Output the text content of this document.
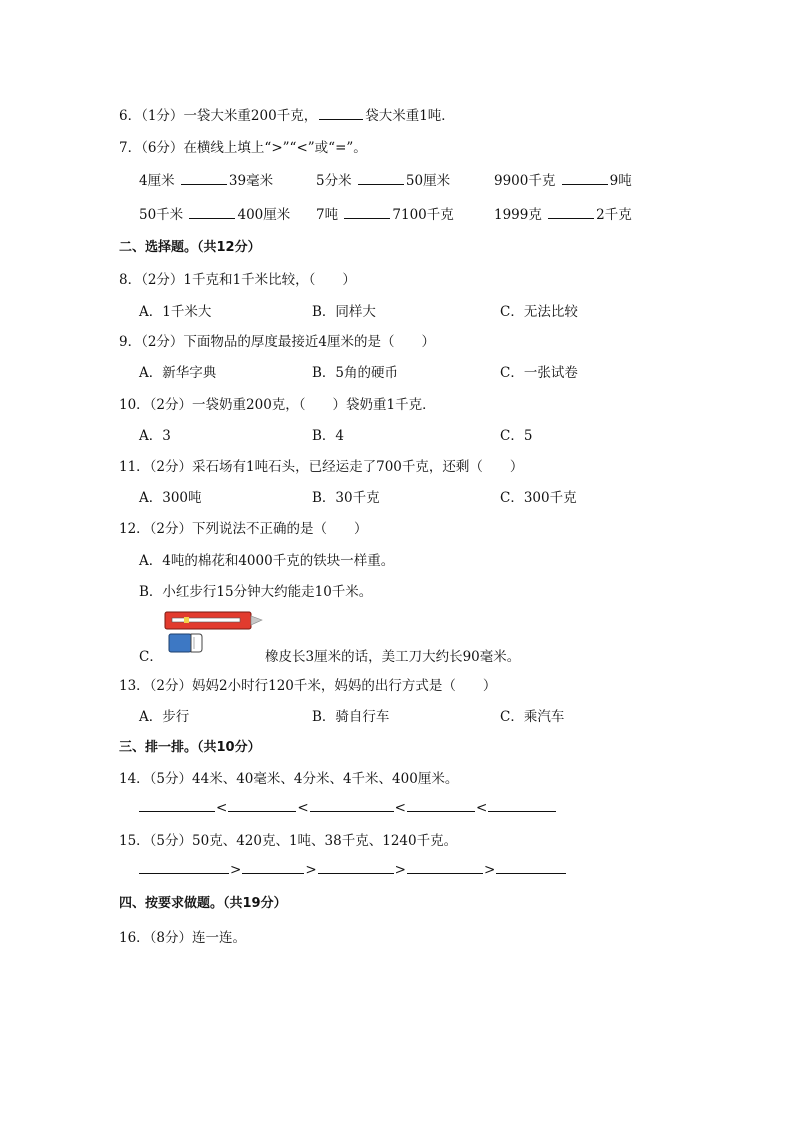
6．（1分）一袋大米重200千克，	袋大米重1吨．
7．（6分）在横线上填上“>”“<”或“=”。
4厘米	39毫米	5分米	50厘米	9900千克	9吨
50千米	400厘米 7吨	7100千克	1999克	2千克
二、选择题。（共12分）
8．（2分）1千克和1千米比较，（　　）
A．1千米大	B．同样大	C．无法比较
9．（2分）下面物品的厚度最接近4厘米的是（　　）
A．新华字典	B．5角的硬币	C．一张试卷
10．（2分）一袋奶重200克，（　　）袋奶重1千克．
A．3	B．4	C．5
11．（2分）采石场有1吨石头，已经运走了700千克，还剩（　　）
A．300吨	B．30千克	C．300千克
12．（2分）下列说法不正确的是（　　）
A．4吨的棉花和4000千克的铁块一样重。
B．小红步行15分钟大约能走10千米。
C．	橡皮长3厘米的话，美工刀大约长90毫米。
13．（2分）妈妈2小时行120千米，妈妈的出行方式是（　　）
A．步行	B．骑自行车	C．乘汽车
三、排一排。（共10分）
14．（5分）44米、40毫米、4分米、4千米、400厘米。
<	<	<	<
15．（5分）50克、420克、1吨、38千克、1240千克。
>	>	>	>
四、按要求做题。（共19分）
16．（8分）连一连。
